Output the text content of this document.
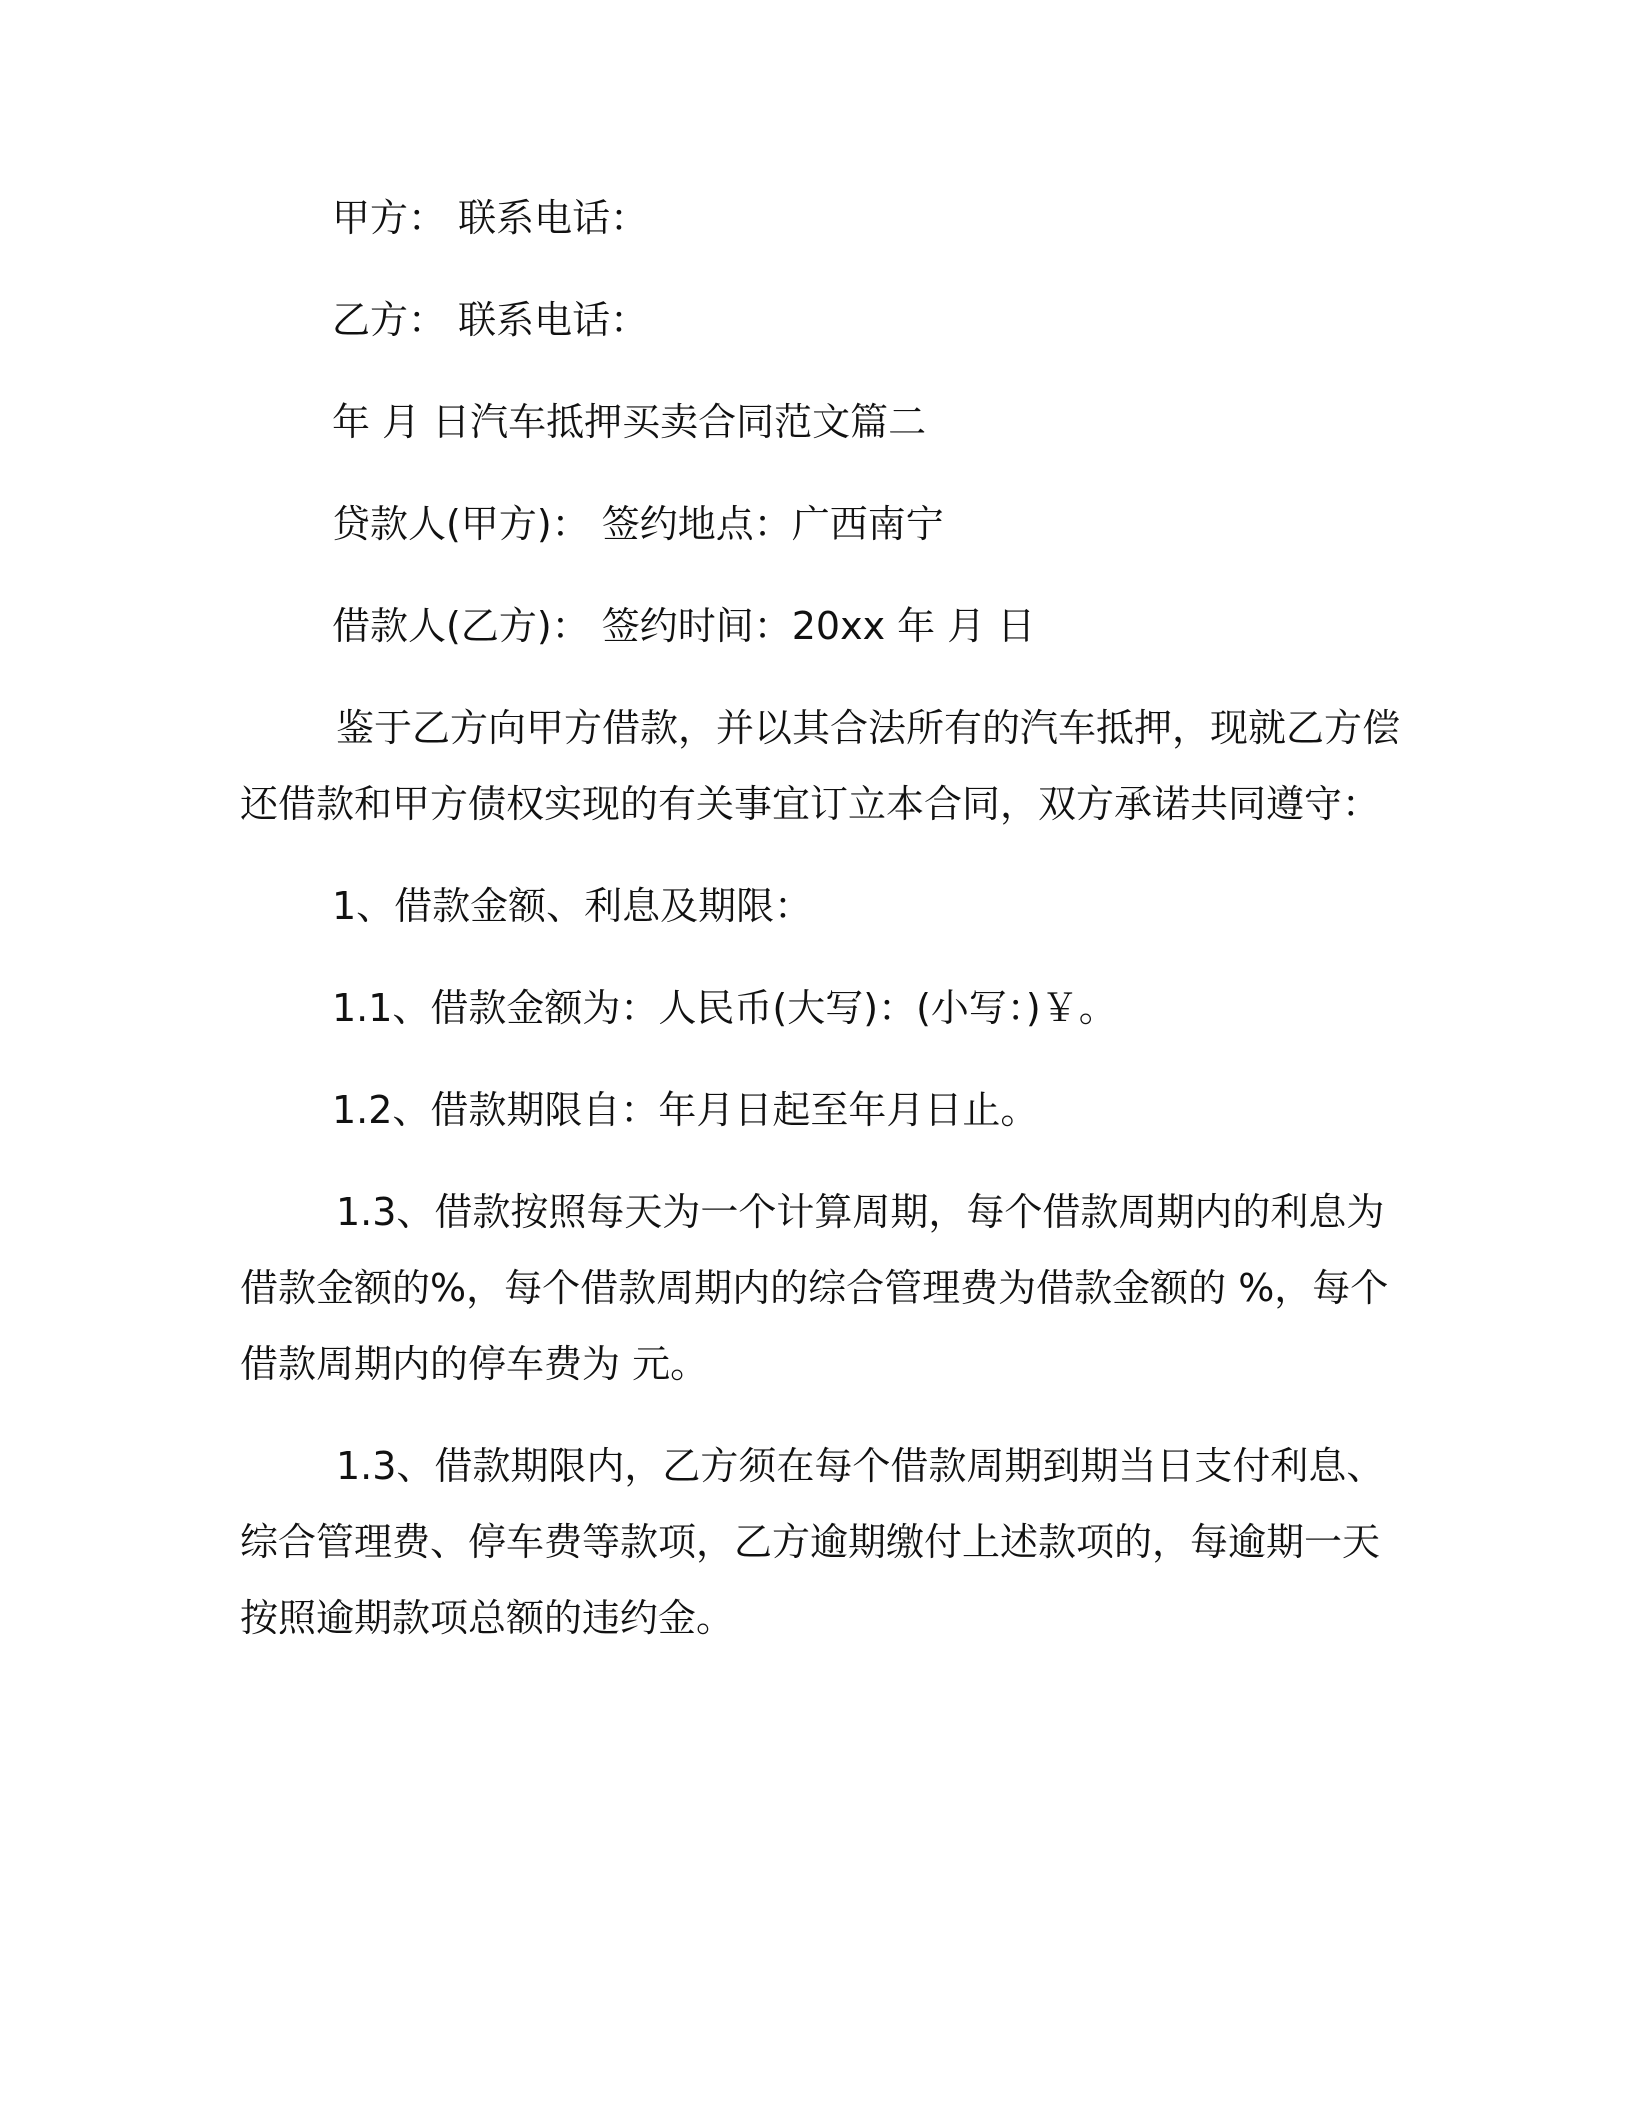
甲方： 联系电话：

乙方： 联系电话：

年 月 日汽车抵押买卖合同范文篇二

贷款人(甲方)： 签约地点：广西南宁

借款人(乙方)： 签约时间：20xx 年 月 日

鉴于乙方向甲方借款，并以其合法所有的汽车抵押，现就乙方偿
还借款和甲方债权实现的有关事宜订立本合同，双方承诺共同遵守：

1、借款金额、利息及期限：

1.1、借款金额为：人民币(大写)：(小写：)￥。

1.2、借款期限自：年月日起至年月日止。

1.3、借款按照每天为一个计算周期，每个借款周期内的利息为
借款金额的%，每个借款周期内的综合管理费为借款金额的 %，每个
借款周期内的停车费为 元。
1.3、借款期限内，乙方须在每个借款周期到期当日支付利息、
综合管理费、停车费等款项，乙方逾期缴付上述款项的，每逾期一天
按照逾期款项总额的违约金。
